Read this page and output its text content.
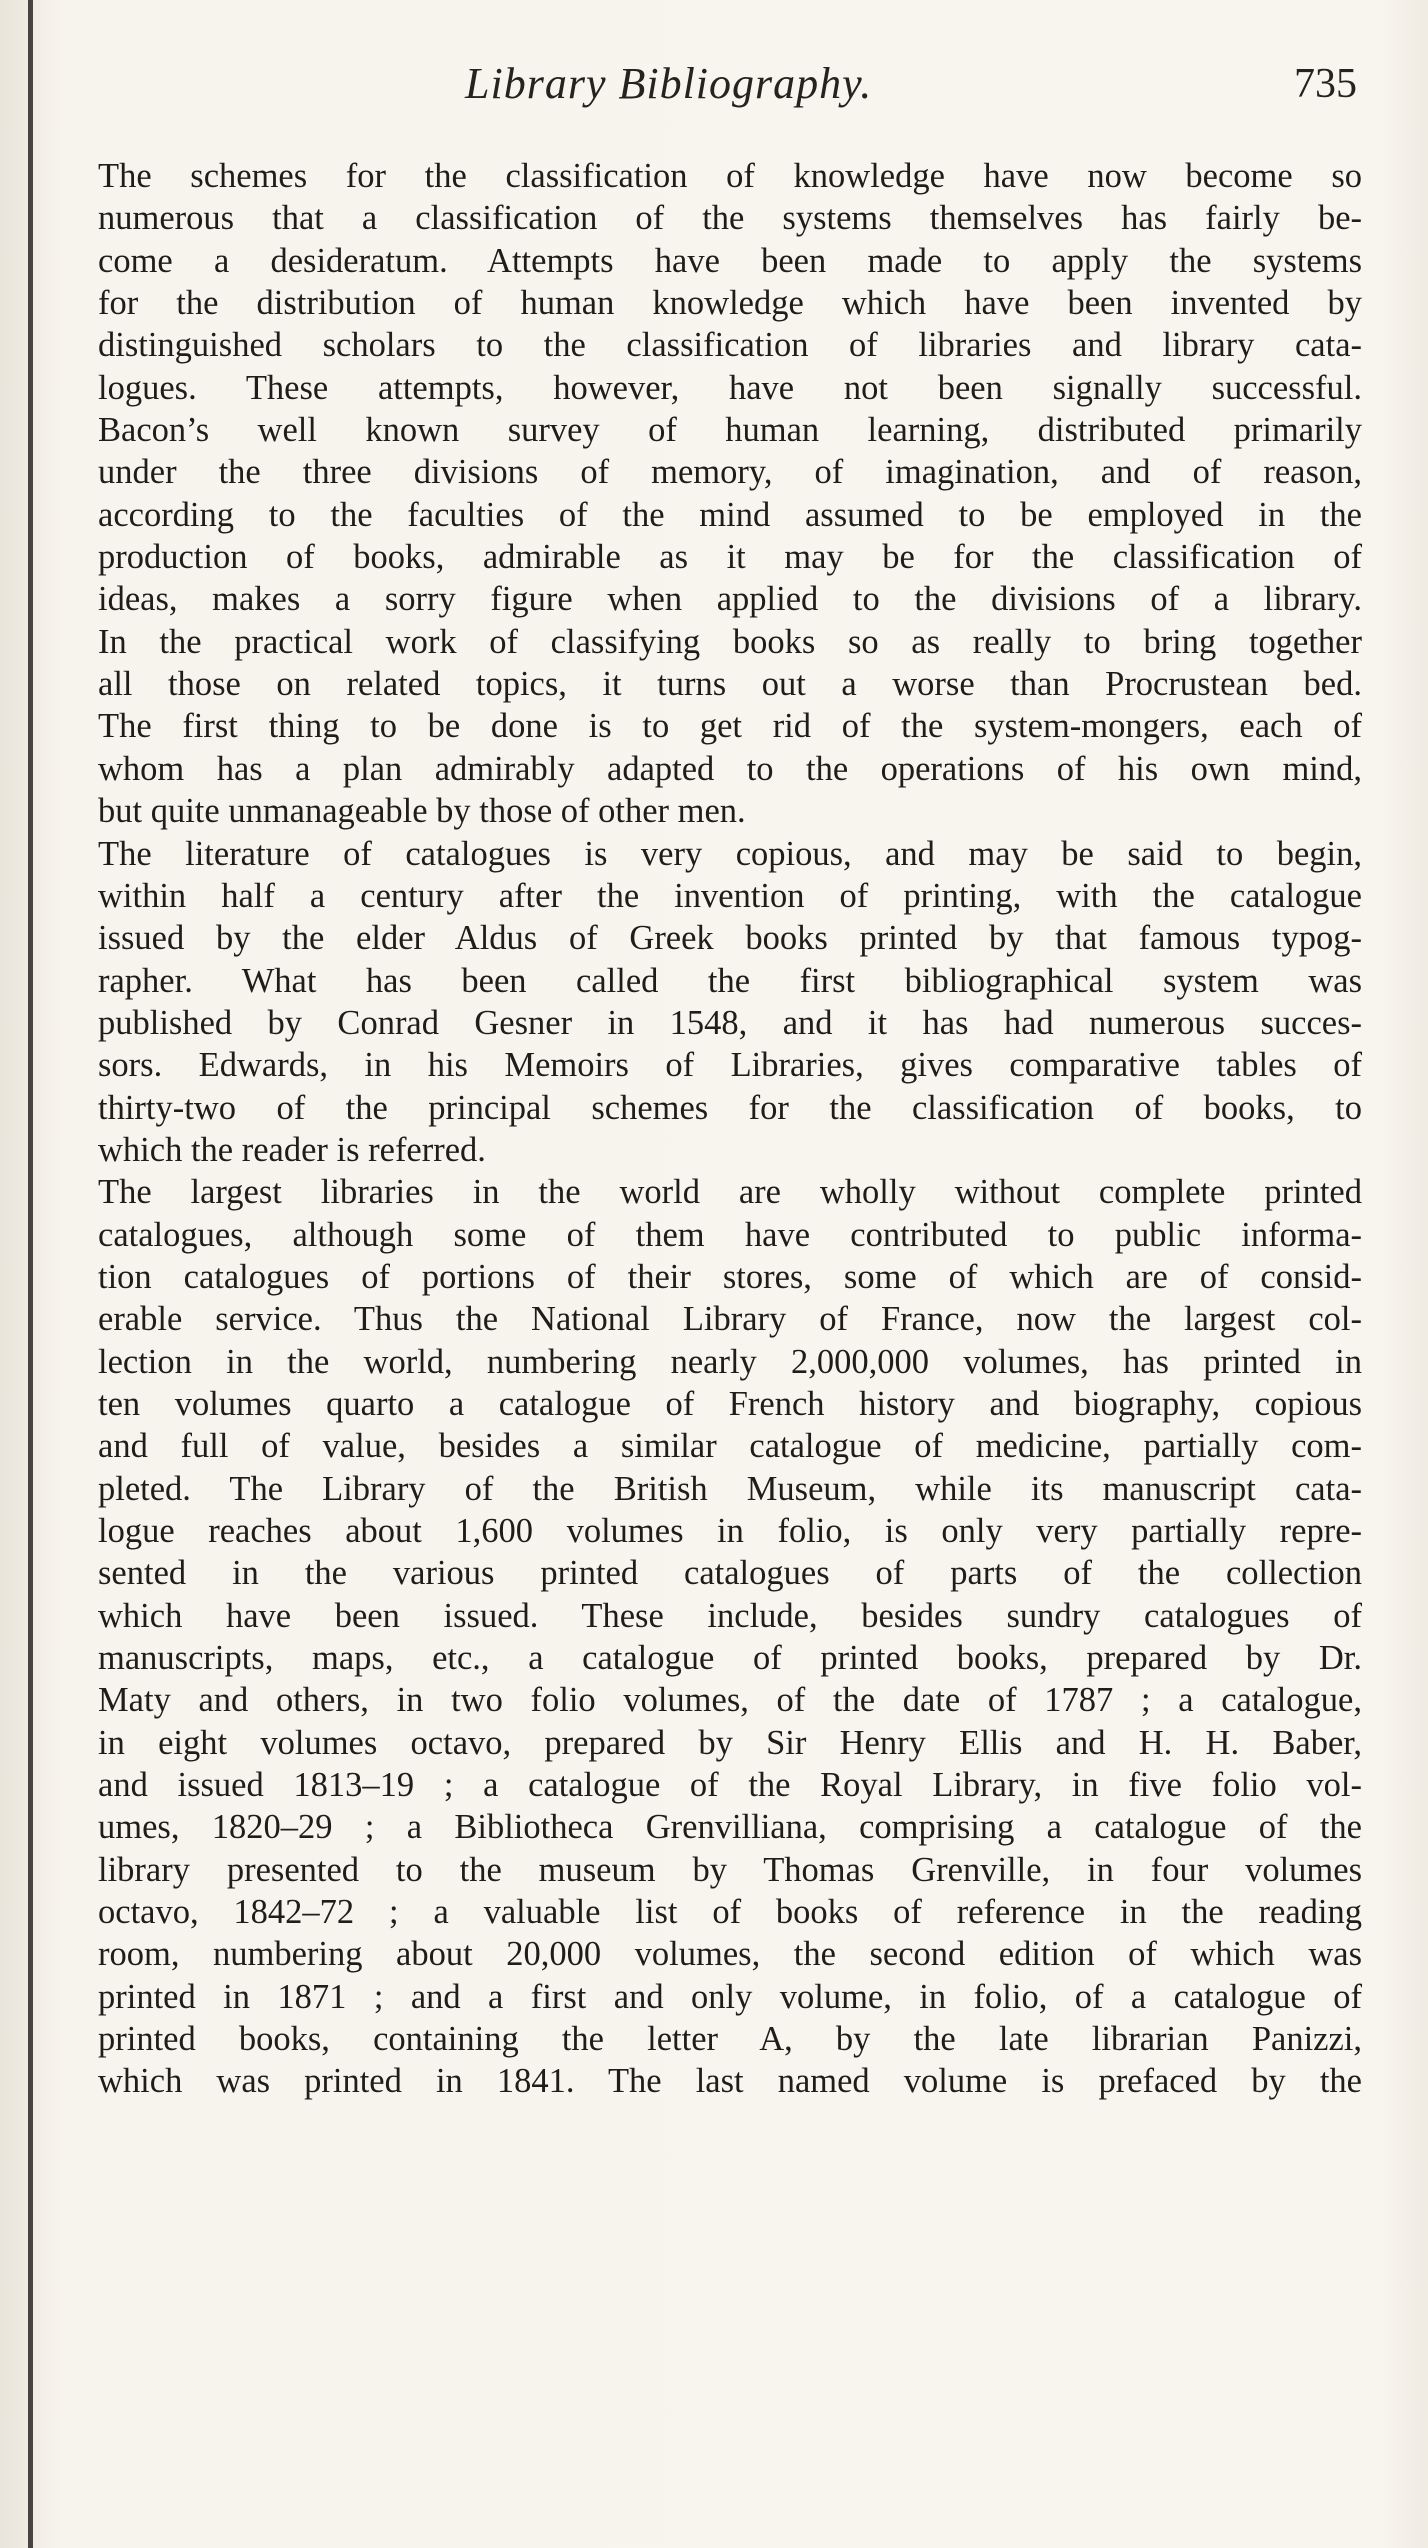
Library Bibliography.	735
The schemes for the classification of knowledge have now become so
numerous that a classification of the systems themselves has fairly be-
come a desideratum. Attempts have been made to apply the systems
for the distribution of human knowledge which have been invented by
distinguished scholars to the classification of libraries and library cata-
logues. These attempts, however, have not been signally successful.
Bacon’s well known survey of human learning, distributed primarily
under the three divisions of memory, of imagination, and of reason,
according to the faculties of the mind assumed to be employed in the
production of books, admirable as it may be for the classification of
ideas, makes a sorry figure when applied to the divisions of a library.
In the practical work of classifying books so as really to bring together
all those on related topics, it turns out a worse than Procrustean bed.
The first thing to be done is to get rid of the system-mongers, each of
whom has a plan admirably adapted to the operations of his own mind,
but quite unmanageable by those of other men.
The literature of catalogues is very copious, and may be said to begin,
within half a century after the invention of printing, with the catalogue
issued by the elder Aldus of Greek books printed by that famous typog-
rapher. What has been called the first bibliographical system was
published by Conrad Gesner in 1548, and it has had numerous succes-
sors. Edwards, in his Memoirs of Libraries, gives comparative tables of
thirty-two of the principal schemes for the classification of books, to
which the reader is referred.
The largest libraries in the world are wholly without complete printed
catalogues, although some of them have contributed to public informa-
tion catalogues of portions of their stores, some of which are of consid-
erable service. Thus the National Library of France, now the largest col-
lection in the world, numbering nearly 2,000,000 volumes, has printed in
ten volumes quarto a catalogue of French history and biography, copious
and full of value, besides a similar catalogue of medicine, partially com-
pleted. The Library of the British Museum, while its manuscript cata-
logue reaches about 1,600 volumes in folio, is only very partially repre-
sented in the various printed catalogues of parts of the collection
which have been issued. These include, besides sundry catalogues of
manuscripts, maps, etc., a catalogue of printed books, prepared by Dr.
Maty and others, in two folio volumes, of the date of 1787 ; a catalogue,
in eight volumes octavo, prepared by Sir Henry Ellis and H. H. Baber,
and issued 1813–19 ; a catalogue of the Royal Library, in five folio vol-
umes, 1820–29 ; a Bibliotheca Grenvilliana, comprising a catalogue of the
library presented to the museum by Thomas Grenville, in four volumes
octavo, 1842–72 ; a valuable list of books of reference in the reading
room, numbering about 20,000 volumes, the second edition of which was
printed in 1871 ; and a first and only volume, in folio, of a catalogue of
printed books, containing the letter A, by the late librarian Panizzi,
which was printed in 1841. The last named volume is prefaced by the
